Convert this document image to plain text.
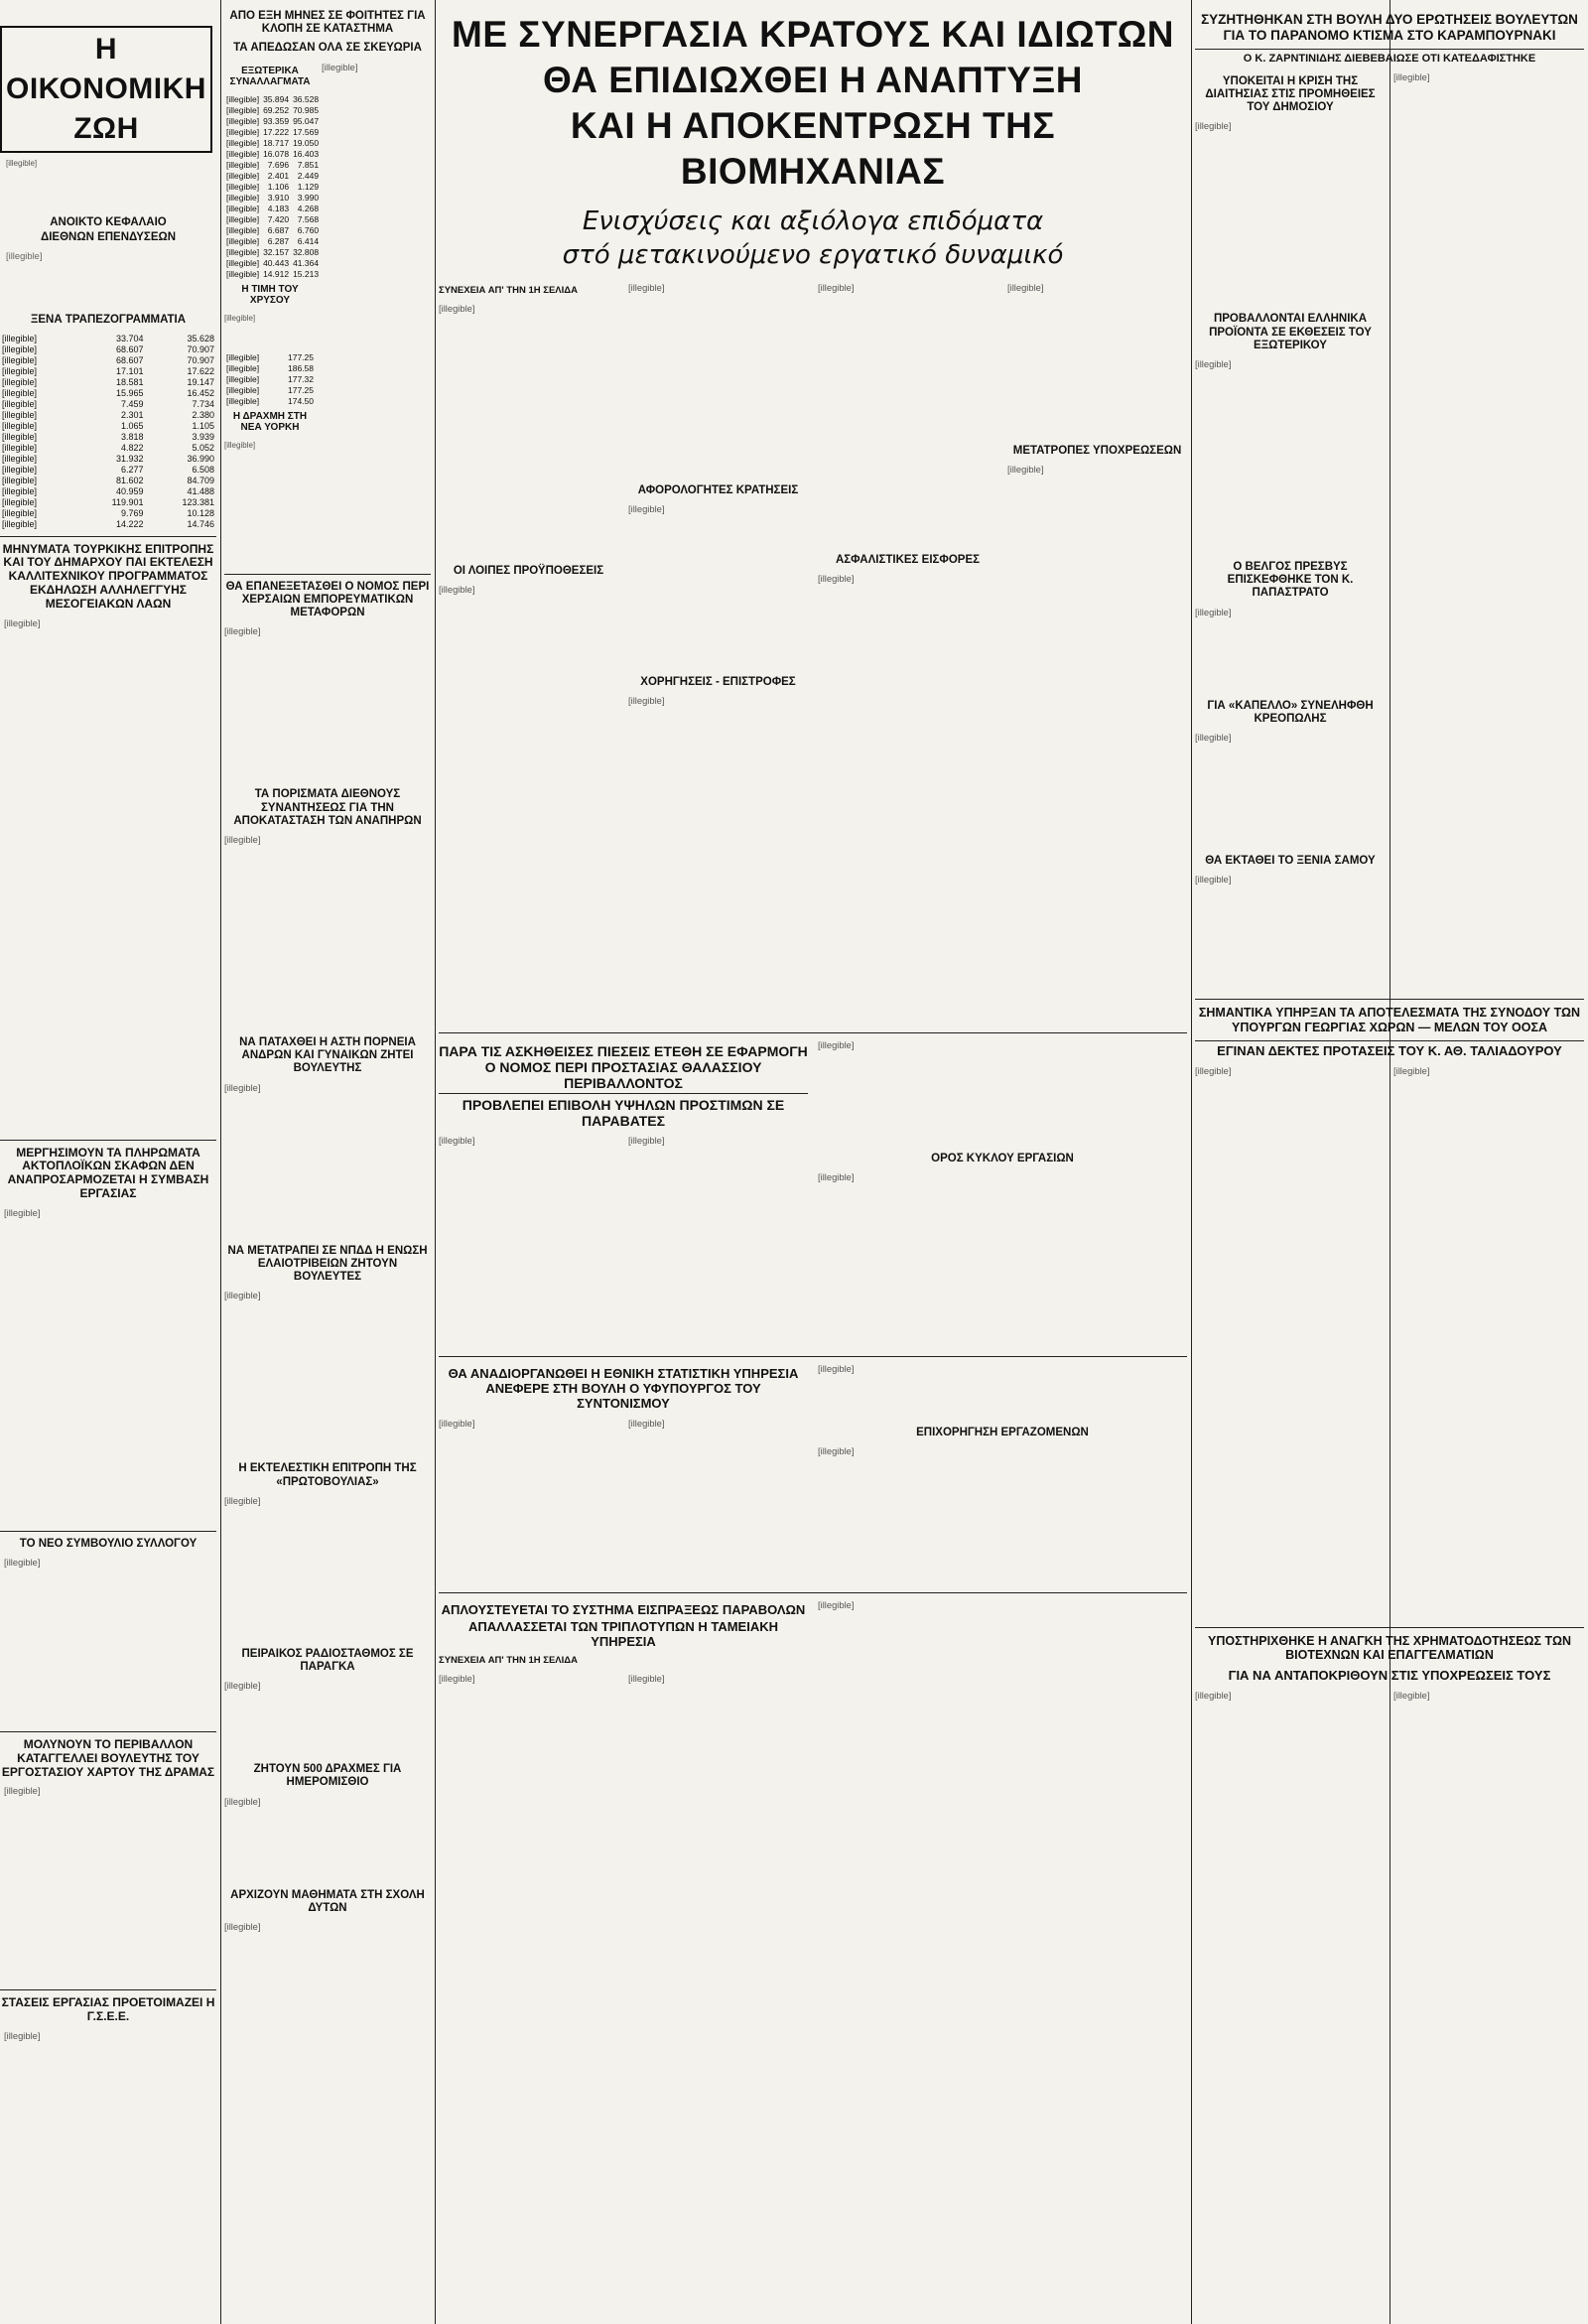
Η ΟΙΚΟΝΟΜΙΚΗ ΖΩΗ
[illegible]
ΑΝΟΙΚΤΟ ΚΕΦΑΛΑΙΟ
ΔΙΕΘΝΩΝ ΕΠΕΝΔΥΣΕΩΝ
[illegible]
ΞΕΝΑ ΤΡΑΠΕΖΟΓΡΑΜΜΑΤΙΑ
[illegible]	33.704	35.628
[illegible]	68.607	70.907
[illegible]	68.607	70.907
[illegible]	17.101	17.622
[illegible]	18.581	19.147
[illegible]	15.965	16.452
[illegible]	7.459	7.734
[illegible]	2.301	2.380
[illegible]	1.065	1.105
[illegible]	3.818	3.939
[illegible]	4.822	5.052
[illegible]	31.932	36.990
[illegible]	6.277	6.508
[illegible]	81.602	84.709
[illegible]	40.959	41.488
[illegible]	119.901	123.381
[illegible]	9.769	10.128
[illegible]	14.222	14.746
ΜΗΝΥΜΑΤΑ ΤΟΥΡΚΙΚΗΣ ΕΠΙΤΡΟΠΗΣ ΚΑΙ ΤΟΥ ΔΗΜΑΡΧΟΥ ΠΑΙ ΕΚΤΕΛΕΣΗ ΚΑΛΛΙΤΕΧΝΙΚΟΥ ΠΡΟΓΡΑΜΜΑΤΟΣ ΕΚΔΗΛΩΣΗ ΑΛΛΗΛΕΓΓΥΗΣ ΜΕΣΟΓΕΙΑΚΩΝ ΛΑΩΝ
[illegible]
ΜΕΡΓΗΣΙΜΟΥΝ ΤΑ ΠΛΗΡΩΜΑΤΑ ΑΚΤΟΠΛΟΪΚΩΝ ΣΚΑΦΩΝ ΔΕΝ ΑΝΑΠΡΟΣΑΡΜΟΖΕΤΑΙ Η ΣΥΜΒΑΣΗ ΕΡΓΑΣΙΑΣ
[illegible]
ΤΟ ΝΕΟ ΣΥΜΒΟΥΛΙΟ ΣΥΛΛΟΓΟΥ
[illegible]
ΜΟΛΥΝΟΥΝ ΤΟ ΠΕΡΙΒΑΛΛΟΝ ΚΑΤΑΓΓΕΛΛΕΙ ΒΟΥΛΕΥΤΗΣ ΤΟΥ ΕΡΓΟΣΤΑΣΙΟΥ ΧΑΡΤΟΥ ΤΗΣ ΔΡΑΜΑΣ
[illegible]
ΣΤΑΣΕΙΣ ΕΡΓΑΣΙΑΣ ΠΡΟΕΤΟΙΜΑΖΕΙ Η Γ.Σ.Ε.Ε.
[illegible]
ΑΠΟ ΕΞΗ ΜΗΝΕΣ ΣΕ ΦΟΙΤΗΤΕΣ ΓΙΑ ΚΛΟΠΗ ΣΕ ΚΑΤΑΣΤΗΜΑ
ΤΑ ΑΠΕΔΩΣΑΝ ΟΛΑ ΣΕ ΣΚΕΥΩΡΙΑ
ΕΞΩΤΕΡΙΚΑ ΣΥΝΑΛΛΑΓΜΑΤΑ
[illegible]	35.894	36.528
[illegible]	69.252	70.985
[illegible]	93.359	95.047
[illegible]	17.222	17.569
[illegible]	18.717	19.050
[illegible]	16.078	16.403
[illegible]	7.696	7.851
[illegible]	2.401	2.449
[illegible]	1.106	1.129
[illegible]	3.910	3.990
[illegible]	4.183	4.268
[illegible]	7.420	7.568
[illegible]	6.687	6.760
[illegible]	6.287	6.414
[illegible]	32.157	32.808
[illegible]	40.443	41.364
[illegible]	14.912	15.213
Η ΤΙΜΗ ΤΟΥ ΧΡΥΣΟΥ
[illegible]
[illegible]	177.25
[illegible]	186.58
[illegible]	177.32
[illegible]	177.25
[illegible]	174.50
Η ΔΡΑΧΜΗ ΣΤΗ ΝΕΑ ΥΟΡΚΗ
[illegible]
[illegible]
ΘΑ ΕΠΑΝΕΞΕΤΑΣΘΕΙ Ο ΝΟΜΟΣ ΠΕΡΙ ΧΕΡΣΑΙΩΝ ΕΜΠΟΡΕΥΜΑΤΙΚΩΝ ΜΕΤΑΦΟΡΩΝ
[illegible]
ΤΑ ΠΟΡΙΣΜΑΤΑ ΔΙΕΘΝΟΥΣ ΣΥΝΑΝΤΗΣΕΩΣ ΓΙΑ ΤΗΝ ΑΠΟΚΑΤΑΣΤΑΣΗ ΤΩΝ ΑΝΑΠΗΡΩΝ
[illegible]
ΝΑ ΠΑΤΑΧΘΕΙ Η ΑΣΤΗ ΠΟΡΝΕΙΑ ΑΝΔΡΩΝ ΚΑΙ ΓΥΝΑΙΚΩΝ ΖΗΤΕΙ ΒΟΥΛΕΥΤΗΣ
[illegible]
ΝΑ ΜΕΤΑΤΡΑΠΕΙ ΣΕ ΝΠΔΔ Η ΕΝΩΣΗ ΕΛΑΙΟΤΡΙΒΕΙΩΝ ΖΗΤΟΥΝ ΒΟΥΛΕΥΤΕΣ
[illegible]
Η ΕΚΤΕΛΕΣΤΙΚΗ ΕΠΙΤΡΟΠΗ ΤΗΣ «ΠΡΩΤΟΒΟΥΛΙΑΣ»
[illegible]
ΠΕΙΡΑΙΚΟΣ ΡΑΔΙΟΣΤΑΘΜΟΣ ΣΕ ΠΑΡΑΓΚΑ
[illegible]
ΖΗΤΟΥΝ 500 ΔΡΑΧΜΕΣ ΓΙΑ ΗΜΕΡΟΜΙΣΘΙΟ
[illegible]
ΑΡΧΙΖΟΥΝ ΜΑΘΗΜΑΤΑ ΣΤΗ ΣΧΟΛΗ ΔΥΤΩΝ
[illegible]
ΜΕ ΣΥΝΕΡΓΑΣΙΑ ΚΡΑΤΟΥΣ ΚΑΙ ΙΔΙΩΤΩΝ
ΘΑ ΕΠΙΔΙΩΧΘΕΙ Η ΑΝΑΠΤΥΞΗ
ΚΑΙ Η ΑΠΟΚΕΝΤΡΩΣΗ ΤΗΣ ΒΙΟΜΗΧΑΝΙΑΣ
Ενισχύσεις και αξιόλογα επιδόματα
στό μετακινούμενο εργατικό δυναμικό
ΣΥΝΕΧΕΙΑ ΑΠ' ΤΗΝ 1Η ΣΕΛΙΔΑ
[illegible]
ΟΙ ΛΟΙΠΕΣ ΠΡΟΫΠΟΘΕΣΕΙΣ
[illegible]
[illegible]
ΑΦΟΡΟΛΟΓΗΤΕΣ ΚΡΑΤΗΣΕΙΣ
[illegible]
ΧΟΡΗΓΗΣΕΙΣ - ΕΠΙΣΤΡΟΦΕΣ
[illegible]
[illegible]
ΑΣΦΑΛΙΣΤΙΚΕΣ ΕΙΣΦΟΡΕΣ
[illegible]
[illegible]
ΜΕΤΑΤΡΟΠΕΣ ΥΠΟΧΡΕΩΣΕΩΝ
[illegible]
ΠΑΡΑ ΤΙΣ ΑΣΚΗΘΕΙΣΕΣ ΠΙΕΣΕΙΣ ΕΤΕΘΗ ΣΕ ΕΦΑΡΜΟΓΗ
Ο ΝΟΜΟΣ ΠΕΡΙ ΠΡΟΣΤΑΣΙΑΣ ΘΑΛΑΣΣΙΟΥ ΠΕΡΙΒΑΛΛΟΝΤΟΣ
ΠΡΟΒΛΕΠΕΙ ΕΠΙΒΟΛΗ ΥΨΗΛΩΝ ΠΡΟΣΤΙΜΩΝ ΣΕ ΠΑΡΑΒΑΤΕΣ
[illegible]	[illegible]
[illegible]
ΟΡΟΣ ΚΥΚΛΟΥ ΕΡΓΑΣΙΩΝ
[illegible]
ΘΑ ΑΝΑΔΙΟΡΓΑΝΩΘΕΙ Η ΕΘΝΙΚΗ ΣΤΑΤΙΣΤΙΚΗ ΥΠΗΡΕΣΙΑ ΑΝΕΦΕΡΕ ΣΤΗ ΒΟΥΛΗ Ο ΥΦΥΠΟΥΡΓΟΣ ΤΟΥ ΣΥΝΤΟΝΙΣΜΟΥ
[illegible]	[illegible]
[illegible]
ΕΠΙΧΟΡΗΓΗΣΗ ΕΡΓΑΖΟΜΕΝΩΝ
[illegible]
ΑΠΛΟΥΣΤΕΥΕΤΑΙ ΤΟ ΣΥΣΤΗΜΑ ΕΙΣΠΡΑΞΕΩΣ ΠΑΡΑΒΟΛΩΝ
ΑΠΑΛΛΑΣΣΕΤΑΙ ΤΩΝ ΤΡΙΠΛΟΤΥΠΩΝ Η ΤΑΜΕΙΑΚΗ ΥΠΗΡΕΣΙΑ
ΣΥΝΕΧΕΙΑ ΑΠ' ΤΗΝ 1Η ΣΕΛΙΔΑ
[illegible]	[illegible]
[illegible]
ΣΥΖΗΤΗΘΗΚΑΝ ΣΤΗ ΒΟΥΛΗ ΔΥΟ ΕΡΩΤΗΣΕΙΣ ΒΟΥΛΕΥΤΩΝ ΓΙΑ ΤΟ ΠΑΡΑΝΟΜΟ ΚΤΙΣΜΑ ΣΤΟ ΚΑΡΑΜΠΟΥΡΝΑΚΙ
Ο Κ. ΖΑΡΝΤΙΝΙΔΗΣ ΔΙΕΒΕΒΑΙΩΣΕ ΟΤΙ ΚΑΤΕΔΑΦΙΣΤΗΚΕ
ΥΠΟΚΕΙΤΑΙ Η ΚΡΙΣΗ ΤΗΣ ΔΙΑΙΤΗΣΙΑΣ ΣΤΙΣ ΠΡΟΜΗΘΕΙΕΣ ΤΟΥ ΔΗΜΟΣΙΟΥ
[illegible]
ΠΡΟΒΑΛΛΟΝΤΑΙ ΕΛΛΗΝΙΚΑ ΠΡΟΪΟΝΤΑ ΣΕ ΕΚΘΕΣΕΙΣ ΤΟΥ ΕΞΩΤΕΡΙΚΟΥ
[illegible]
Ο ΒΕΛΓΟΣ ΠΡΕΣΒΥΣ ΕΠΙΣΚΕΦΘΗΚΕ ΤΟΝ Κ. ΠΑΠΑΣΤΡΑΤΟ
[illegible]
ΓΙΑ «ΚΑΠΕΛΛΟ» ΣΥΝΕΛΗΦΘΗ ΚΡΕΟΠΩΛΗΣ
[illegible]
ΘΑ ΕΚΤΑΘΕΙ ΤΟ ΞΕΝΙΑ ΣΑΜΟΥ
[illegible]
[illegible]
ΣΗΜΑΝΤΙΚΑ ΥΠΗΡΞΑΝ ΤΑ ΑΠΟΤΕΛΕΣΜΑΤΑ ΤΗΣ ΣΥΝΟΔΟΥ ΤΩΝ ΥΠΟΥΡΓΩΝ ΓΕΩΡΓΙΑΣ ΧΩΡΩΝ — ΜΕΛΩΝ ΤΟΥ ΟΟΣΑ
ΕΓΙΝΑΝ ΔΕΚΤΕΣ ΠΡΟΤΑΣΕΙΣ ΤΟΥ Κ. ΑΘ. ΤΑΛΙΑΔΟΥΡΟΥ
[illegible]	[illegible]
ΥΠΟΣΤΗΡΙΧΘΗΚΕ Η ΑΝΑΓΚΗ ΤΗΣ ΧΡΗΜΑΤΟΔΟΤΗΣΕΩΣ ΤΩΝ ΒΙΟΤΕΧΝΩΝ ΚΑΙ ΕΠΑΓΓΕΛΜΑΤΙΩΝ
ΓΙΑ ΝΑ ΑΝΤΑΠΟΚΡΙΘΟΥΝ ΣΤΙΣ ΥΠΟΧΡΕΩΣΕΙΣ ΤΟΥΣ
[illegible]	[illegible]
